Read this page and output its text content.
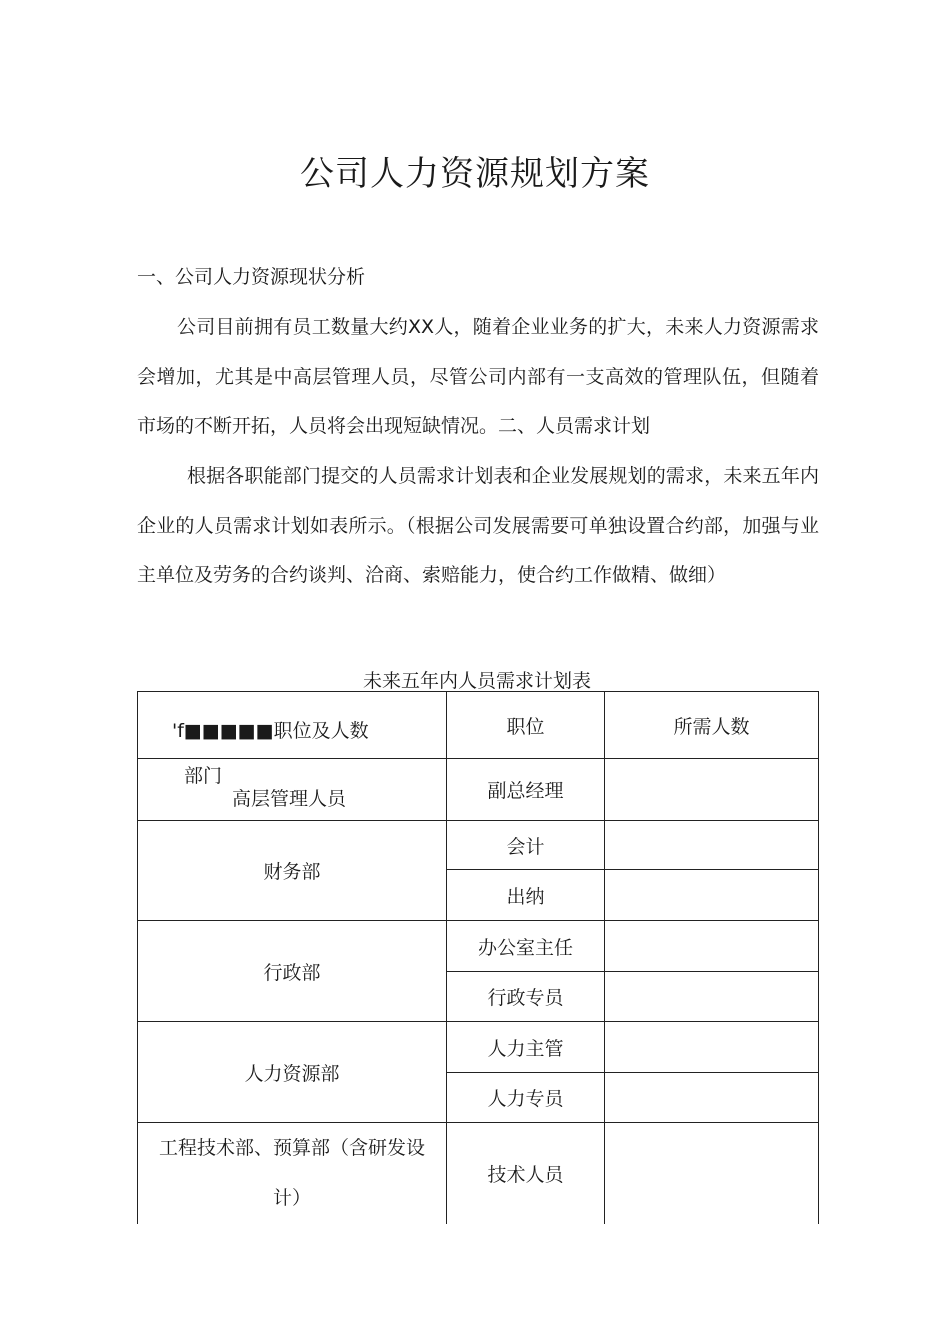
公司人力资源规划方案
一、公司人力资源现状分析

公司目前拥有员工数量大约XX人，随着企业业务的扩大，未来人力资源需求会增加，尤其是中高层管理人员，尽管公司内部有一支高效的管理队伍，但随着市场的不断开拓，人员将会出现短缺情况。二、人员需求计划

根据各职能部门提交的人员需求计划表和企业发展规划的需求，未来五年内企业的人员需求计划如表所示。（根据公司发展需要可单独设置合约部，加强与业主单位及劳务的合约谈判、洽商、索赔能力，使合约工作做精、做细）

未来五年内人员需求计划表
'f■■■■■职位及人数	职位	所需人数

部门
高层管理人员	副总经理	
财务部	会计	
	出纳	
行政部	办公室主任	
	行政专员	
人力资源部	人力主管	
	人力专员	
工程技术部、预算部（含研发设计）	技术人员	
